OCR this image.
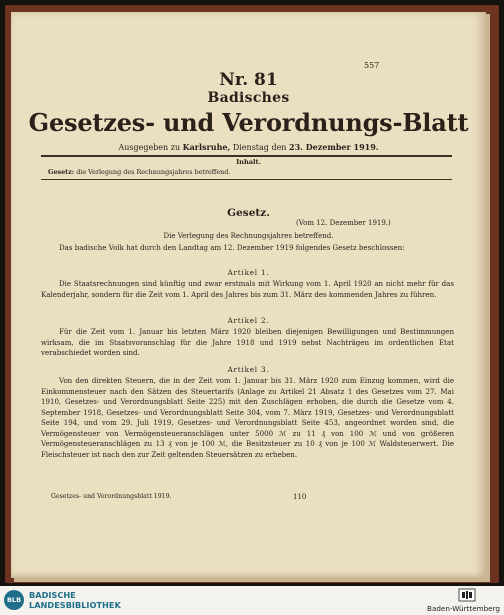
557
Nr. 81
Badisches
Gesetzes- und Verordnungs-Blatt
Ausgegeben zu Karlsruhe, Dienstag den 23. Dezember 1919.
Inhalt.
Gesetz: die Verlegung des Rechnungsjahres betreffend.
Gesetz.
(Vom 12. Dezember 1919.)
Die Verlegung des Rechnungsjahres betreffend.
Das badische Volk hat durch den Landtag am 12. Dezember 1919 folgendes Gesetz beschlossen:
Artikel 1.
Die Staatsrechnungen sind künftig und zwar erstmals mit Wirkung vom 1. April 1920 an nicht mehr für das Kalenderjahr, sondern für die Zeit vom 1. April des Jahres bis zum 31. März des kommenden Jahres zu führen.
Artikel 2.
Für die Zeit vom 1. Januar bis letzten März 1920 bleiben diejenigen Bewilligungen und Bestimmungen wirksam, die im Staatsvoranschlag für die Jahre 1918 und 1919 nebst Nachträgen im ordentlichen Etat verabschiedet worden sind.
Artikel 3.
Von den direkten Steuern, die in der Zeit vom 1. Januar bis 31. März 1920 zum Einzug kommen, wird die Einkommensteuer nach den Sätzen des Steuertarifs (Anlage zu Artikel 21 Absatz 1 des Gesetzes vom 27. Mai 1910, Gesetzes- und Verordnungsblatt Seite 225) mit den Zuschlägen erhoben, die durch die Gesetze vom 4. September 1918, Gesetzes- und Verordnungsblatt Seite 304, vom 7. März 1919, Gesetzes- und Verordnungsblatt Seite 194, und vom 29. Juli 1919, Gesetzes- und Verordnungsblatt Seite 453, angeordnet worden sind, die Vermögensteuer von Vermögensteueranschlägen unter 5000 ℳ zu 11 ₰ von 100 ℳ und von größeren Vermögensteueranschlägen zu 13 ₰ von je 100 ℳ, die Besitzsteuer zu 10 ₰ von je 100 ℳ Waldsteuerwert. Die Fleischsteuer ist nach den zur Zeit geltenden Steuersätzen zu erheben.
Gesetzes- und Verordnungsblatt 1919.	110
BLB BADISCHE
LANDESBIBLIOTHEK	Baden-Württemberg
